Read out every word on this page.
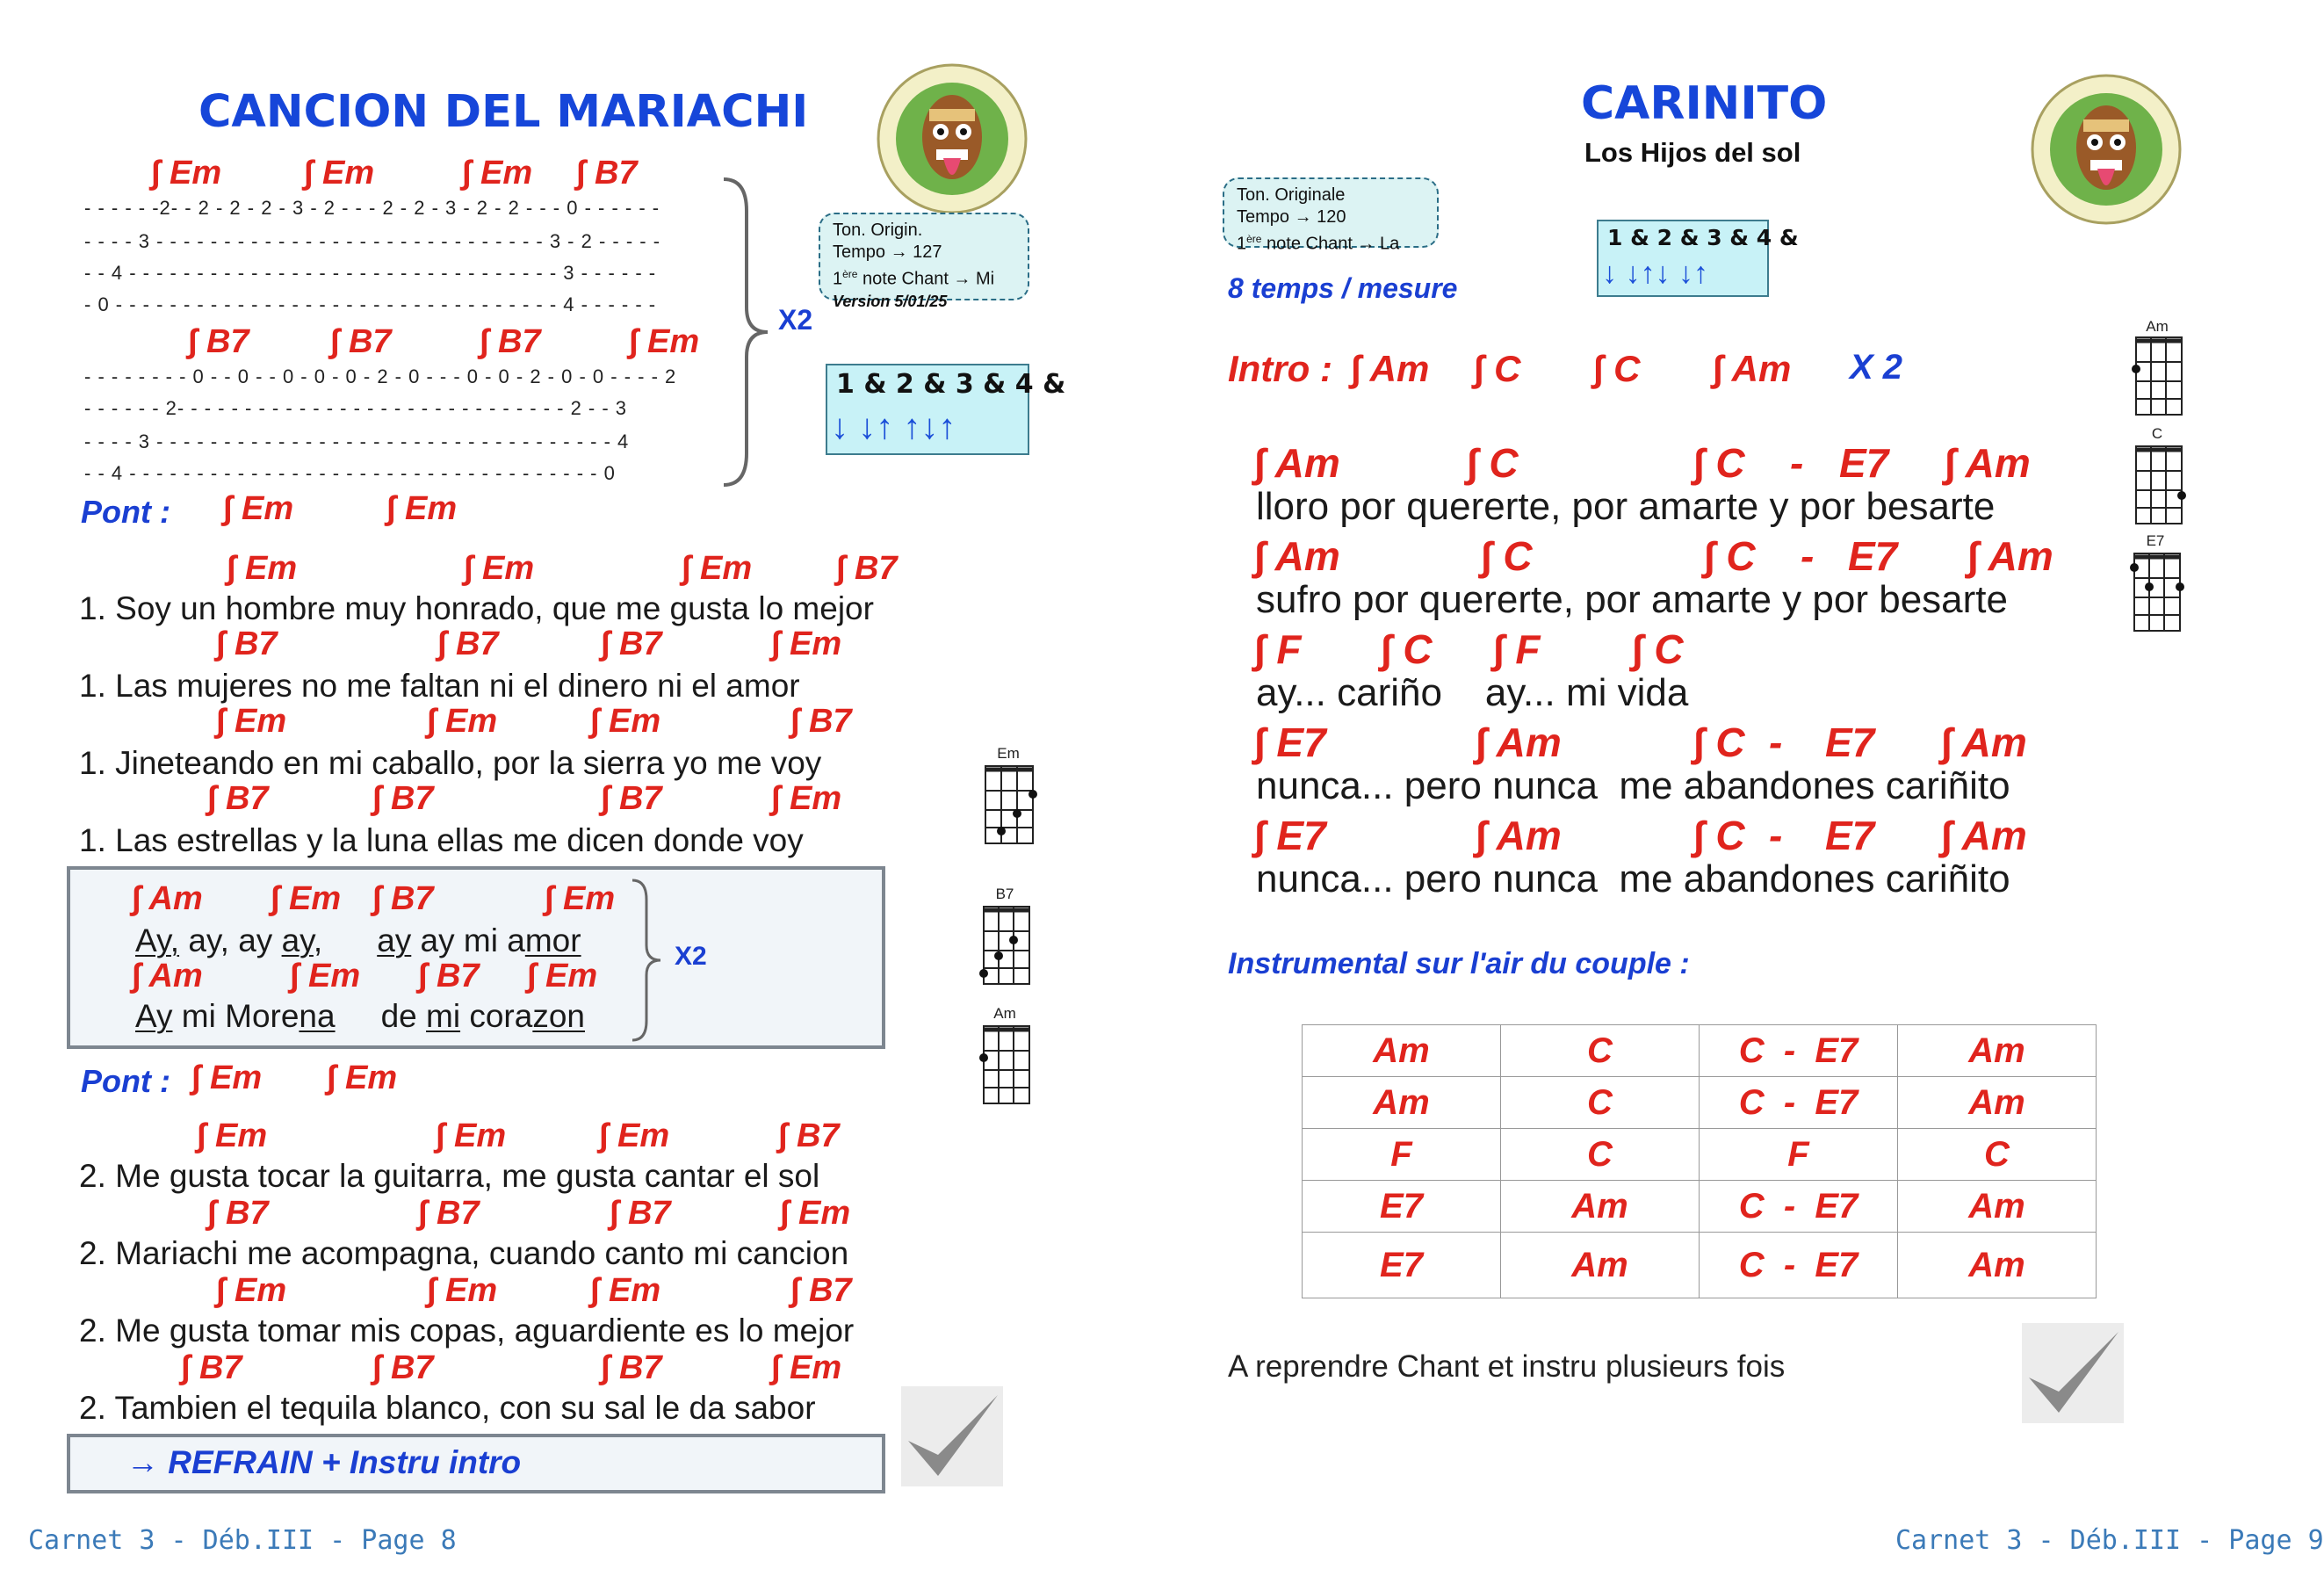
CANCION DEL MARIACHI
Ton. Origin.
Tempo → 127
1ère note Chant → Mi
Version 5/01/25
1 & 2 & 3 & 4 &
↓ ↓↑ ↑↓↑
∫ Em ∫ Em	∫ Em ∫ B7
- - - - - -2- - 2 - 2 - 2 - 3 - 2 - - - 2 - 2 - 3 - 2 - 2 - - - 0 - - - - - -
- - - - 3 - - - - - - - - - - - - - - - - - - - - - - - - - - - - - 3 - 2 - - - - -
- - 4 - - - - - - - - - - - - - - - - - - - - - - - - - - - - - - - - 3 - - - - - -
- 0 - - - - - - - - - - - - - - - - - - - - - - - - - - - - - - - - - 4 - - - - - -
∫ B7 ∫ B7	∫ B7	∫ Em
- - - - - - - - 0 - - 0 - - 0 - 0 - 0 - 2 - 0 - - - 0 - 0 - 2 - 0 - 0 - - - - 2
- - - - - - 2- - - - - - - - - - - - - - - - - - - - - - - - - - - - - 2 - - 3
- - - - 3 - - - - - - - - - - - - - - - - - - - - - - - - - - - - - - - - - - 4
- - 4 - - - - - - - - - - - - - - - - - - - - - - - - - - - - - - - - - - - 0
X2
Pont : ∫ Em	∫ Em
∫ Em	∫ Em	∫ Em	∫ B7
1. Soy un hombre muy honrado, que me gusta lo mejor
∫ B7	∫ B7	∫ B7	∫ Em
1. Las mujeres no me faltan ni el dinero ni el amor
∫ Em	∫ Em	∫ Em	∫ B7
1. Jineteando en mi caballo, por la sierra yo me voy
∫ B7	∫ B7	∫ B7	∫ Em
1. Las estrellas y la luna ellas me dicen donde voy
∫ Am ∫ Em ∫ B7	∫ Em
Ay, ay, ay ay, ay ay mi amor
∫ Am	∫ Em ∫ B7 ∫ Em
Ay mi Morena de mi corazon
X2
Pont : ∫ Em ∫ Em
∫ Em	∫ Em	∫ Em	∫ B7
2. Me gusta tocar la guitarra, me gusta cantar el sol
∫ B7	∫ B7	∫ B7	∫ Em
2. Mariachi me acompagna, cuando canto mi cancion
∫ Em	∫ Em	∫ Em	∫ B7
2. Me gusta tomar mis copas, aguardiente es lo mejor
∫ B7	∫ B7	∫ B7	∫ Em
2. Tambien el tequila blanco, con su sal le da sabor
→ REFRAIN + Instru intro
Em
B7
Am
Carnet 3 - Déb.III - Page 8
CARINITO
Los Hijos del sol
Ton. Originale
Tempo → 120
1ère note Chant → La	1 & 2 & 3 & 4 &
↓ ↓↑↓ ↓↑
8 temps / mesure
Intro : ∫ Am ∫ C ∫ C ∫ Am X 2
∫ Am	∫ C	∫ C - E7 ∫ Am
lloro por quererte, por amarte y por besarte
∫ Am	∫ C	∫ C - E7 ∫ Am
sufro por quererte, por amarte y por besarte
∫ F ∫ C ∫ F ∫ C
ay... cariño    ay... mi vida
∫ E7	∫ Am	∫ C - E7 ∫ Am
nunca... pero nunca  me abandones cariñito
∫ E7	∫ Am	∫ C - E7 ∫ Am
nunca... pero nunca  me abandones cariñito
Instrumental sur l'air du couple :
Am	C	C  -  E7	Am
Am	C	C  -  E7	Am
F	C	F	C
E7	Am	C  -  E7	Am
E7	Am	C  -  E7	Am
A reprendre Chant et instru plusieurs fois
Am
C
E7
Carnet 3 - Déb.III - Page 9
